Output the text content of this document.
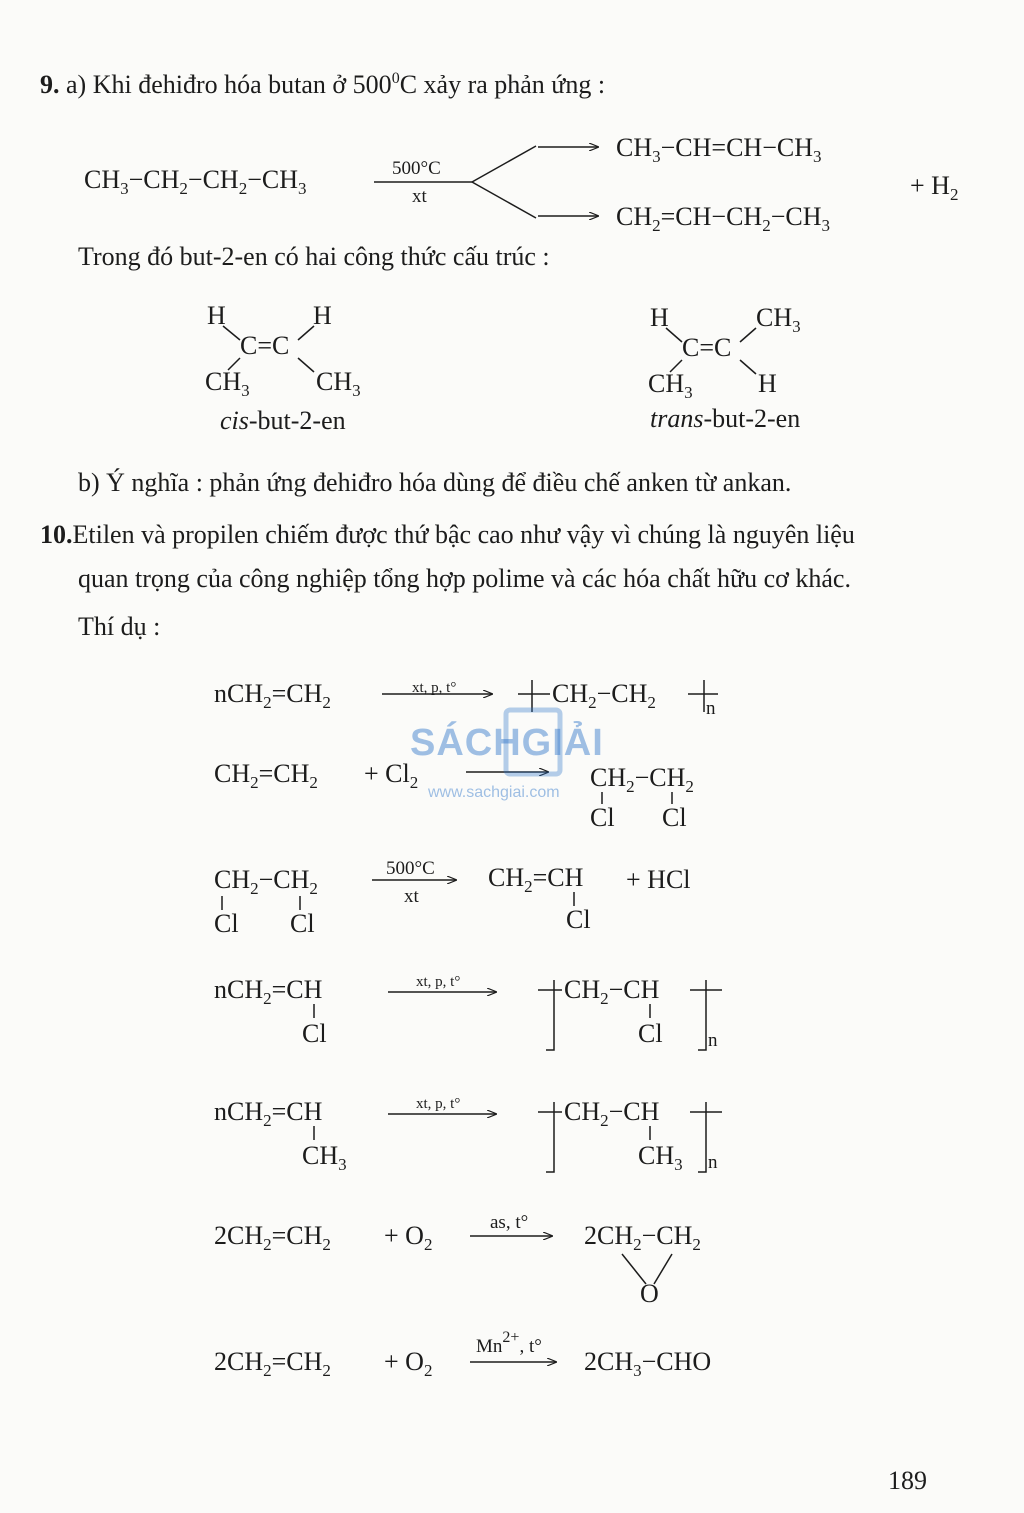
9. a) Khi đehiđro hóa butan ở $500^0C$ xảy ra phản ứng :
$CH_3-CH_2-CH_2-CH_3$
500°C
xt
$CH_3-CH=CH-CH_3$
$CH_2=CH-CH_2-CH_3$
+ $H_2$
Trong đó but-2-en có hai công thức cấu trúc :
H	H
C=C
$CH_3$	$CH_3$
cis-but-2-en
H	$CH_3$
C=C
$CH_3$	H
trans-but-2-en
b) Ý nghĩa : phản ứng đehiđro hóa dùng để điều chế anken từ ankan.
10.Etilen và propilen chiếm được thứ bậc cao như vậy vì chúng là nguyên liệu
quan trọng của công nghiệp tổng hợp polime và các hóa chất hữu cơ khác.
Thí dụ :
$nCH_2=CH_2$
xt, p, t°	$CH_2-CH_2$	n
$CH_2=CH_2 + Cl_2$	$CH_2-CH_2$
Cl Cl
$CH_2-CH_2$
Cl Cl
500°C
xt
$CH_2=CH$
Cl
+ HCl
nCH$_2$=CH
Cl
xt, p, t°	$CH_2-CH$
Cl n
nCH$_2$=CH
$CH_3$
xt, p, t°	$CH_2-CH$
$CH_3$ n
$2CH_2=CH_2 + O_2$
as, t° $2CH_2-CH_2$
O
$2CH_2=CH_2 + O_2$
$Mn^{2+}$, t°
$2CH_3-CHO$
SÁCHGIẢI
www.sachgiai.com
189
